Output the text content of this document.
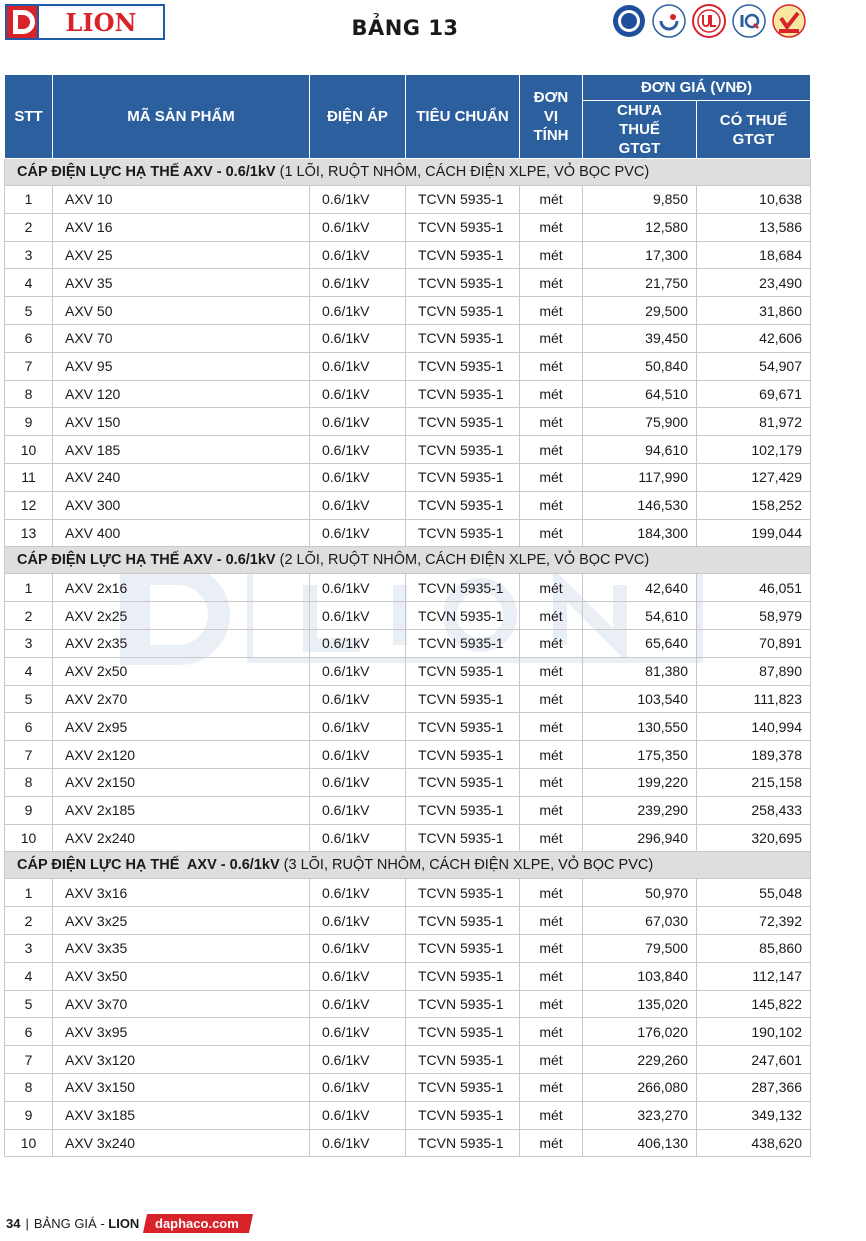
LION	BẢNG 13
STT	MÃ SẢN PHẨM	ĐIỆN ÁP	TIÊU CHUẨN	ĐƠN VỊ TÍNH	ĐƠN GIÁ (VNĐ)	
					CHƯA THUẾ GTGT	CÓ THUẾ GTGT
CÁP ĐIỆN LỰC HẠ THẾ AXV - 0.6/1kV (1 LÕI, RUỘT NHÔM, CÁCH ĐIỆN XLPE, VỎ BỌC PVC)						
1	AXV 10	0.6/1kV	TCVN 5935-1	mét	9,850	10,638
2	AXV 16	0.6/1kV	TCVN 5935-1	mét	12,580	13,586
3	AXV 25	0.6/1kV	TCVN 5935-1	mét	17,300	18,684
4	AXV 35	0.6/1kV	TCVN 5935-1	mét	21,750	23,490
5	AXV 50	0.6/1kV	TCVN 5935-1	mét	29,500	31,860
6	AXV 70	0.6/1kV	TCVN 5935-1	mét	39,450	42,606
7	AXV 95	0.6/1kV	TCVN 5935-1	mét	50,840	54,907
8	AXV 120	0.6/1kV	TCVN 5935-1	mét	64,510	69,671
9	AXV 150	0.6/1kV	TCVN 5935-1	mét	75,900	81,972
10	AXV 185	0.6/1kV	TCVN 5935-1	mét	94,610	102,179
11	AXV 240	0.6/1kV	TCVN 5935-1	mét	117,990	127,429
12	AXV 300	0.6/1kV	TCVN 5935-1	mét	146,530	158,252
13	AXV 400	0.6/1kV	TCVN 5935-1	mét	184,300	199,044
CÁP ĐIỆN LỰC HẠ THẾ AXV - 0.6/1kV (2 LÕI, RUỘT NHÔM, CÁCH ĐIỆN XLPE, VỎ BỌC PVC)						
1	AXV 2x16	0.6/1kV	TCVN 5935-1	mét	42,640	46,051
2	AXV 2x25	0.6/1kV	TCVN 5935-1	mét	54,610	58,979
3	AXV 2x35	0.6/1kV	TCVN 5935-1	mét	65,640	70,891
4	AXV 2x50	0.6/1kV	TCVN 5935-1	mét	81,380	87,890
5	AXV 2x70	0.6/1kV	TCVN 5935-1	mét	103,540	111,823
6	AXV 2x95	0.6/1kV	TCVN 5935-1	mét	130,550	140,994
7	AXV 2x120	0.6/1kV	TCVN 5935-1	mét	175,350	189,378
8	AXV 2x150	0.6/1kV	TCVN 5935-1	mét	199,220	215,158
9	AXV 2x185	0.6/1kV	TCVN 5935-1	mét	239,290	258,433
10	AXV 2x240	0.6/1kV	TCVN 5935-1	mét	296,940	320,695
CÁP ĐIỆN LỰC HẠ THẾ  AXV - 0.6/1kV (3 LÕI, RUỘT NHÔM, CÁCH ĐIỆN XLPE, VỎ BỌC PVC)						
1	AXV 3x16	0.6/1kV	TCVN 5935-1	mét	50,970	55,048
2	AXV 3x25	0.6/1kV	TCVN 5935-1	mét	67,030	72,392
3	AXV 3x35	0.6/1kV	TCVN 5935-1	mét	79,500	85,860
4	AXV 3x50	0.6/1kV	TCVN 5935-1	mét	103,840	112,147
5	AXV 3x70	0.6/1kV	TCVN 5935-1	mét	135,020	145,822
6	AXV 3x95	0.6/1kV	TCVN 5935-1	mét	176,020	190,102
7	AXV 3x120	0.6/1kV	TCVN 5935-1	mét	229,260	247,601
8	AXV 3x150	0.6/1kV	TCVN 5935-1	mét	266,080	287,366
9	AXV 3x185	0.6/1kV	TCVN 5935-1	mét	323,270	349,132
10	AXV 3x240	0.6/1kV	TCVN 5935-1	mét	406,130	438,620
34 | BẢNG GIÁ - LION	daphaco.com
